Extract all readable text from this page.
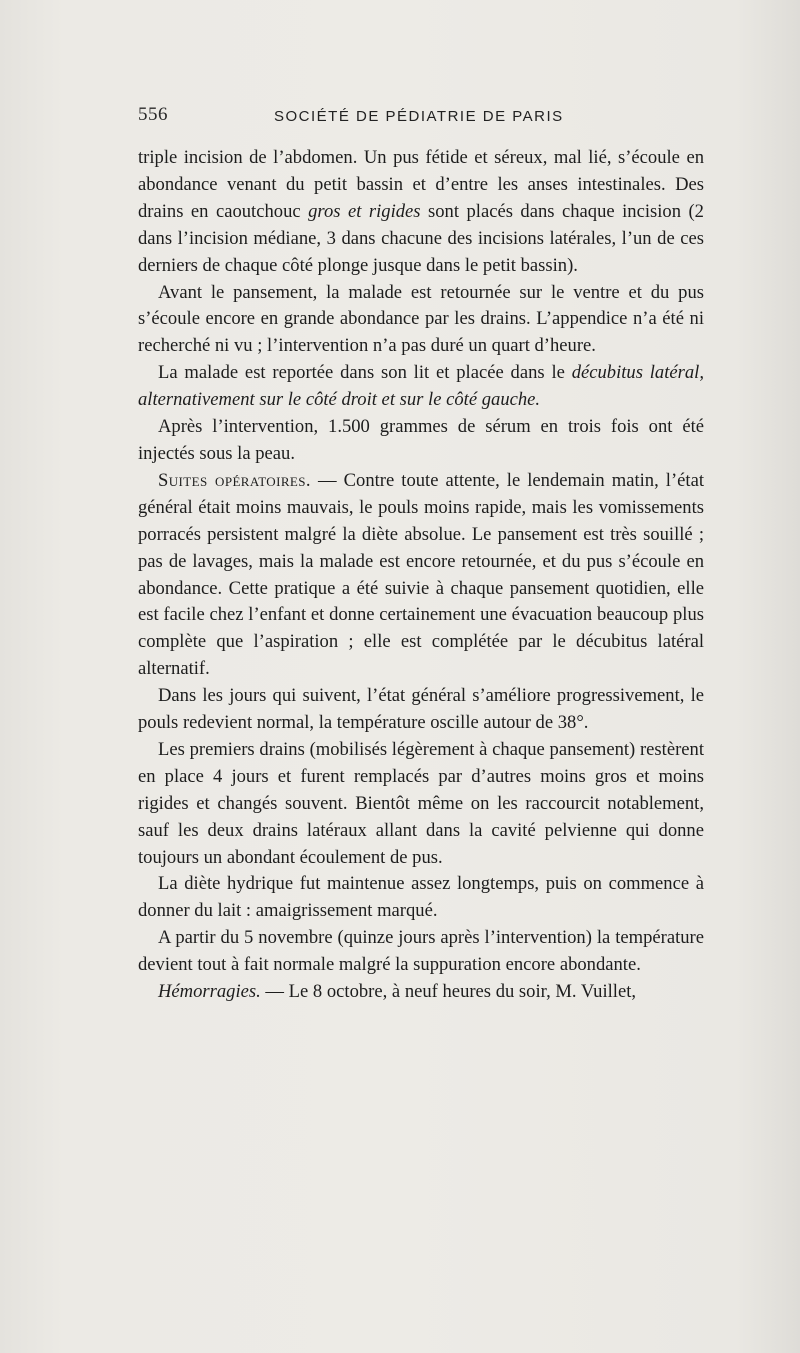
556	SOCIÉTÉ DE PÉDIATRIE DE PARIS

triple incision de l’abdomen. Un pus fétide et séreux, mal lié, s’écoule en abondance venant du petit bassin et d’entre les anses intestinales. Des drains en caoutchouc gros et rigides sont placés dans chaque incision (2 dans l’incision médiane, 3 dans chacune des incisions latérales, l’un de ces derniers de chaque côté plonge jusque dans le petit bassin).

Avant le pansement, la malade est retournée sur le ventre et du pus s’écoule encore en grande abondance par les drains. L’appendice n’a été ni recherché ni vu ; l’intervention n’a pas duré un quart d’heure.

La malade est reportée dans son lit et placée dans le décubitus latéral, alternativement sur le côté droit et sur le côté gauche.

Après l’intervention, 1.500 grammes de sérum en trois fois ont été injectés sous la peau.

Suites opératoires. — Contre toute attente, le lendemain matin, l’état général était moins mauvais, le pouls moins rapide, mais les vomissements porracés persistent malgré la diète absolue. Le pansement est très souillé ; pas de lavages, mais la malade est encore retournée, et du pus s’écoule en abondance. Cette pratique a été suivie à chaque pansement quotidien, elle est facile chez l’enfant et donne certainement une évacuation beaucoup plus complète que l’aspiration ; elle est complétée par le décubitus latéral alternatif.

Dans les jours qui suivent, l’état général s’améliore progressivement, le pouls redevient normal, la température oscille autour de 38°.

Les premiers drains (mobilisés légèrement à chaque pansement) restèrent en place 4 jours et furent remplacés par d’autres moins gros et moins rigides et changés souvent. Bientôt même on les raccourcit notablement, sauf les deux drains latéraux allant dans la cavité pelvienne qui donne toujours un abondant écoulement de pus.

La diète hydrique fut maintenue assez longtemps, puis on commence à donner du lait : amaigrissement marqué.

A partir du 5 novembre (quinze jours après l’intervention) la température devient tout à fait normale malgré la suppuration encore abondante.

Hémorragies. — Le 8 octobre, à neuf heures du soir, M. Vuillet,
